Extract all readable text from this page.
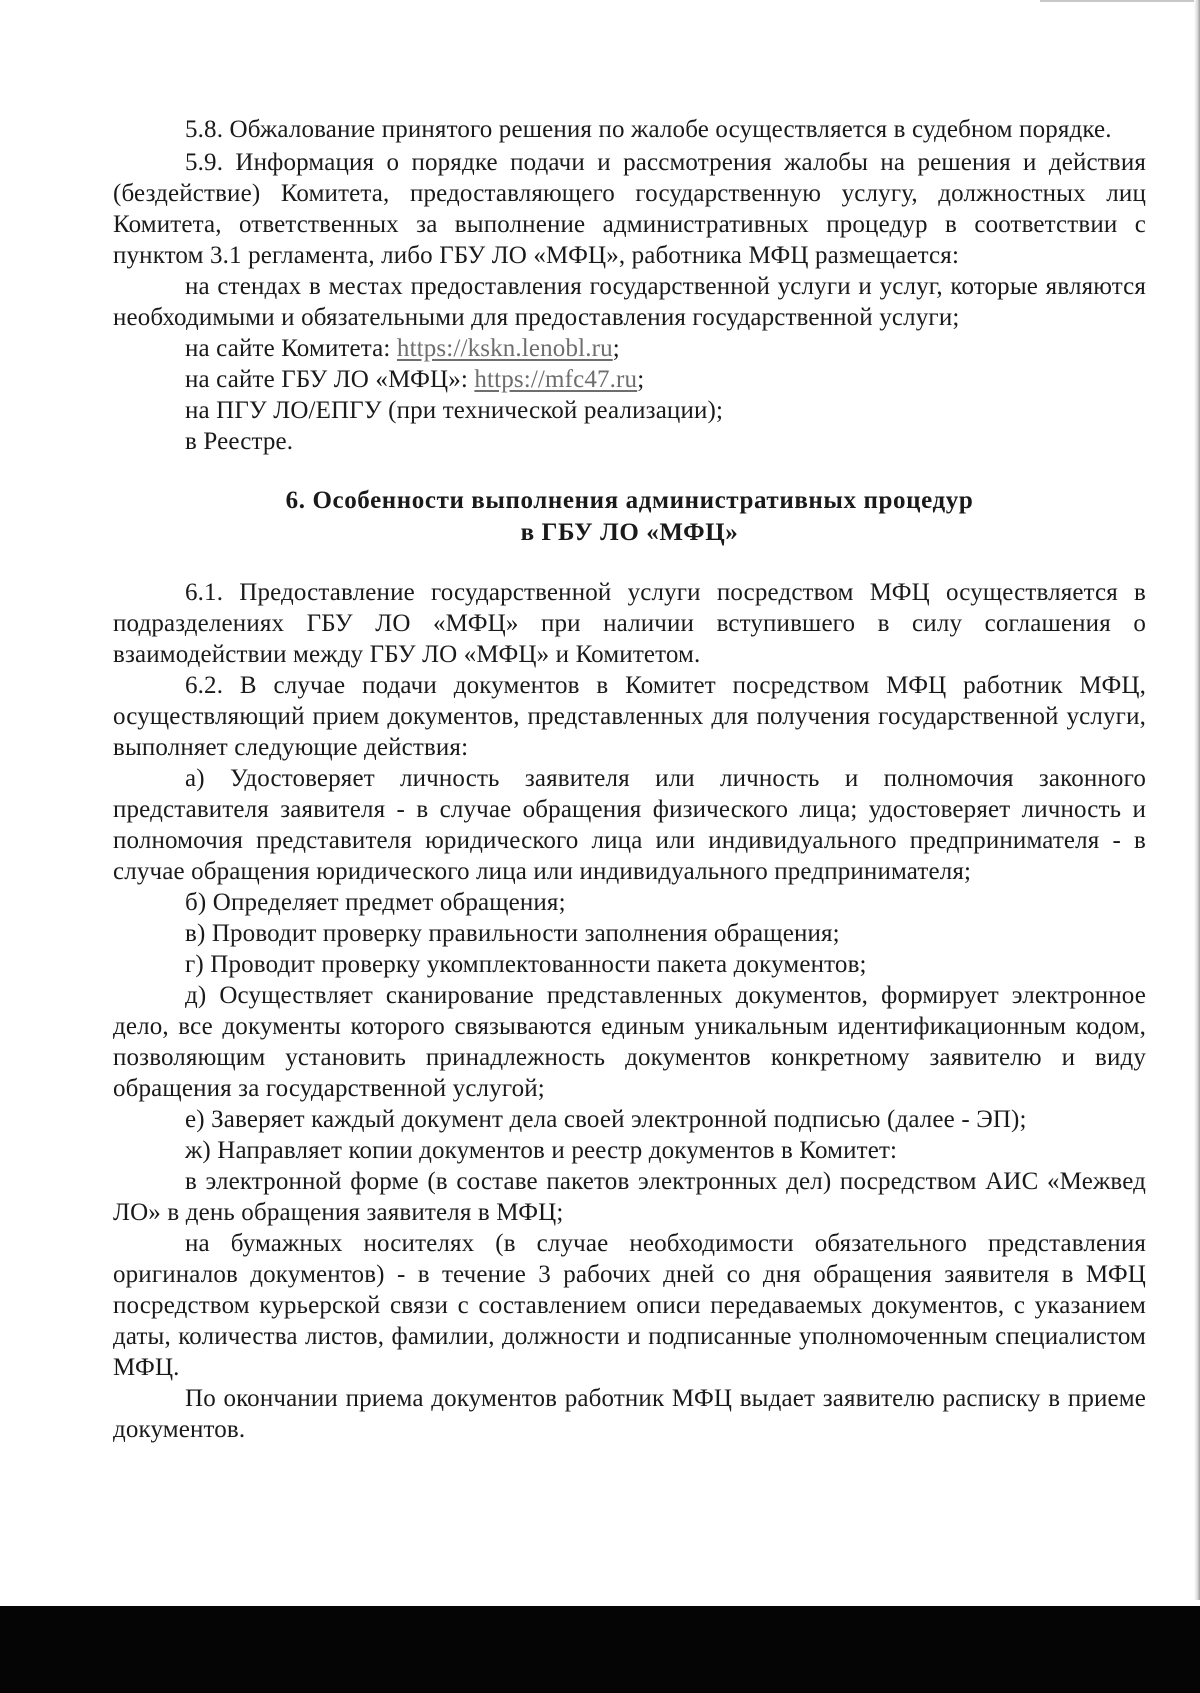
5.8. Обжалование принятого решения по жалобе осуществляется в судебном порядке.

5.9. Информация о порядке подачи и рассмотрения жалобы на решения и действия (бездействие) Комитета, предоставляющего государственную услугу, должностных лиц Комитета, ответственных за выполнение административных процедур в соответствии с пунктом 3.1 регламента, либо ГБУ ЛО «МФЦ», работника МФЦ размещается:

на стендах в местах предоставления государственной услуги и услуг, которые являются необходимыми и обязательными для предоставления государственной услуги;

на сайте Комитета: https://kskn.lenobl.ru;

на сайте ГБУ ЛО «МФЦ»: https://mfc47.ru;

на ПГУ ЛО/ЕПГУ (при технической реализации);

в Реестре.

6. Особенности выполнения административных процедур
в ГБУ ЛО «МФЦ»

6.1. Предоставление государственной услуги посредством МФЦ осуществляется в подразделениях ГБУ ЛО «МФЦ» при наличии вступившего в силу соглашения о взаимодействии между ГБУ ЛО «МФЦ» и Комитетом.

6.2. В случае подачи документов в Комитет посредством МФЦ работник МФЦ, осуществляющий прием документов, представленных для получения государственной услуги, выполняет следующие действия:

а) Удостоверяет личность заявителя или личность и полномочия законного представителя заявителя - в случае обращения физического лица; удостоверяет личность и полномочия представителя юридического лица или индивидуального предпринимателя - в случае обращения юридического лица или индивидуального предпринимателя;

б) Определяет предмет обращения;

в) Проводит проверку правильности заполнения обращения;

г) Проводит проверку укомплектованности пакета документов;

д) Осуществляет сканирование представленных документов, формирует электронное дело, все документы которого связываются единым уникальным идентификационным кодом, позволяющим установить принадлежность документов конкретному заявителю и виду обращения за государственной услугой;

е) Заверяет каждый документ дела своей электронной подписью (далее - ЭП);

ж) Направляет копии документов и реестр документов в Комитет:

в электронной форме (в составе пакетов электронных дел) посредством АИС «Межвед ЛО» в день обращения заявителя в МФЦ;

на бумажных носителях (в случае необходимости обязательного представления оригиналов документов) - в течение 3 рабочих дней со дня обращения заявителя в МФЦ посредством курьерской связи с составлением описи передаваемых документов, с указанием даты, количества листов, фамилии, должности и подписанные уполномоченным специалистом МФЦ.

По окончании приема документов работник МФЦ выдает заявителю расписку в приеме документов.
